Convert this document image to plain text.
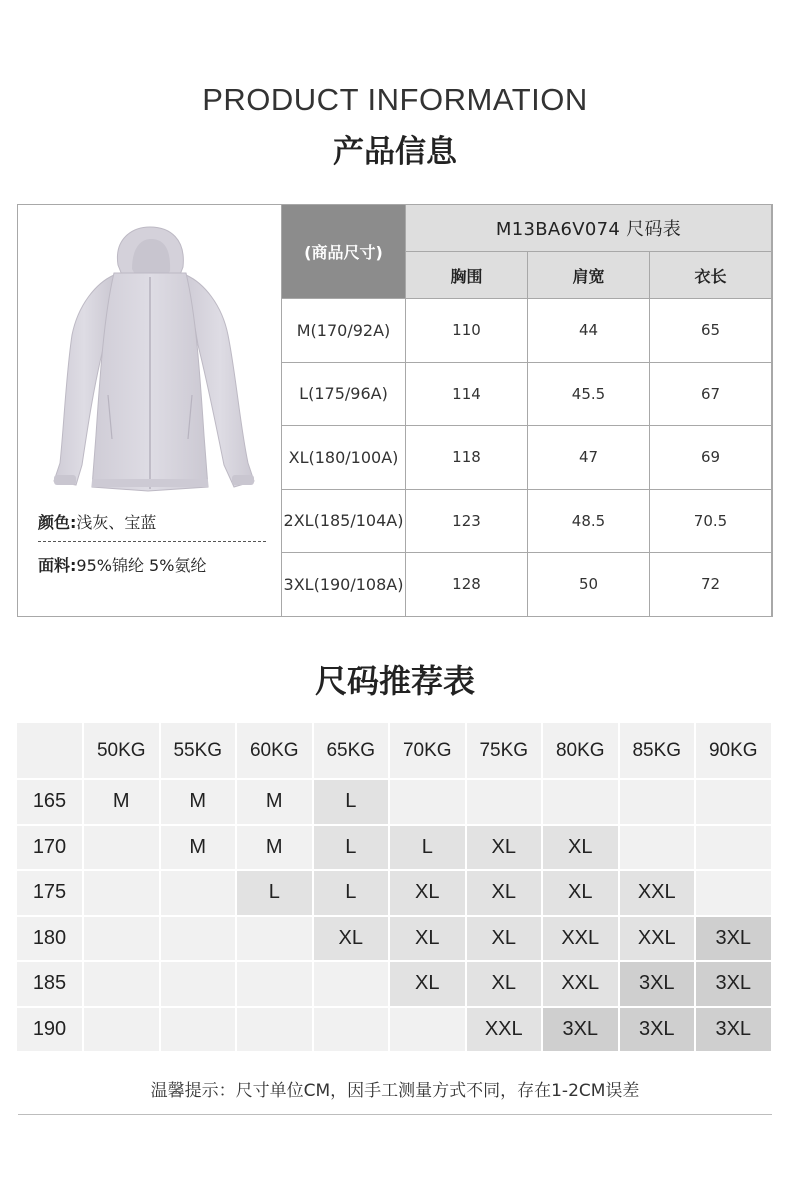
PRODUCT INFORMATION
产品信息
颜色:浅灰、宝蓝
面料:95%锦纶 5%氨纶
(商品尺寸)	M13BA6V074 尺码表		
	胸围	肩宽	衣长
M(170/92A)	110	44	65
L(175/96A)	114	45.5	67
XL(180/100A)	118	47	69
2XL(185/104A)	123	48.5	70.5
3XL(190/108A)	128	50	72
尺码推荐表
	50KG	55KG	60KG	65KG	70KG	75KG	80KG	85KG	90KG
165	M	M	M	L					
170		M	M	L	L	XL	XL		
175			L	L	XL	XL	XL	XXL	
180				XL	XL	XL	XXL	XXL	3XL
185					XL	XL	XXL	3XL	3XL
190						XXL	3XL	3XL	3XL
温馨提示：尺寸单位CM，因手工测量方式不同，存在1-2CM误差
